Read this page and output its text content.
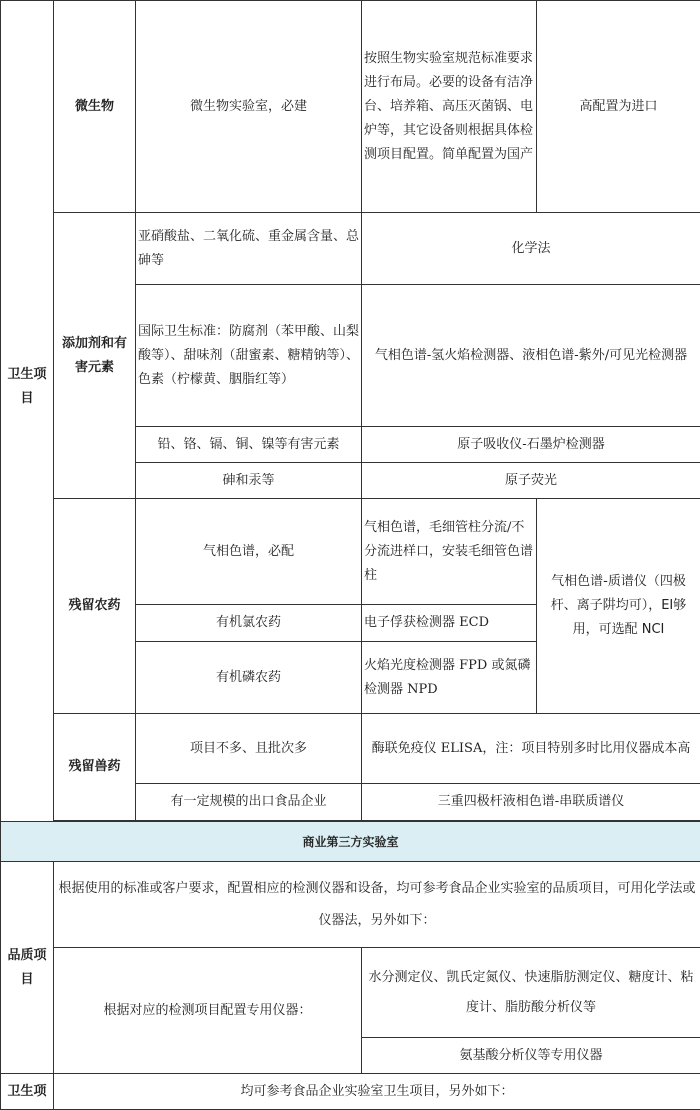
卫生项目	微生物	微生物实验室，必建	按照生物实验室规范标准要求进行布局。必要的设备有洁净台、培养箱、高压灭菌锅、电炉等，其它设备则根据具体检测项目配置。简单配置为国产	高配置为进口
	添加剂和有害元素	亚硝酸盐、二氧化硫、重金属含量、总砷等	化学法	
		国际卫生标准：防腐剂（苯甲酸、山梨酸等）、甜味剂（甜蜜素、糖精钠等）、色素（柠檬黄、胭脂红等）	气相色谱-氢火焰检测器、液相色谱-紫外/可见光检测器	
		铅、铬、镉、铜、镍等有害元素	原子吸收仪-石墨炉检测器	
		砷和汞等	原子荧光	
	残留农药	气相色谱，必配	气相色谱，毛细管柱分流/不分流进样口，安装毛细管色谱柱	气相色谱-质谱仪（四极杆、离子阱均可），EI够用，可选配 NCI
		有机氯农药	电子俘获检测器 ECD	
		有机磷农药	火焰光度检测器 FPD 或氮磷检测器 NPD	
	残留兽药	项目不多、且批次多	酶联免疫仪 ELISA，注：项目特别多时比用仪器成本高	
		有一定规模的出口食品企业	三重四极杆液相色谱-串联质谱仪	

商业第三方实验室				
品质项目	根据使用的标准或客户要求，配置相应的检测仪器和设备，均可参考食品企业实验室的品质项目，可用化学法或仪器法，另外如下：			
	根据对应的检测项目配置专用仪器：		水分测定仪、凯氏定氮仪、快速脂肪测定仪、糖度计、粘度计、脂肪酸分析仪等	
			氨基酸分析仪等专用仪器	
卫生项	均可参考食品企业实验室卫生项目，另外如下：			
